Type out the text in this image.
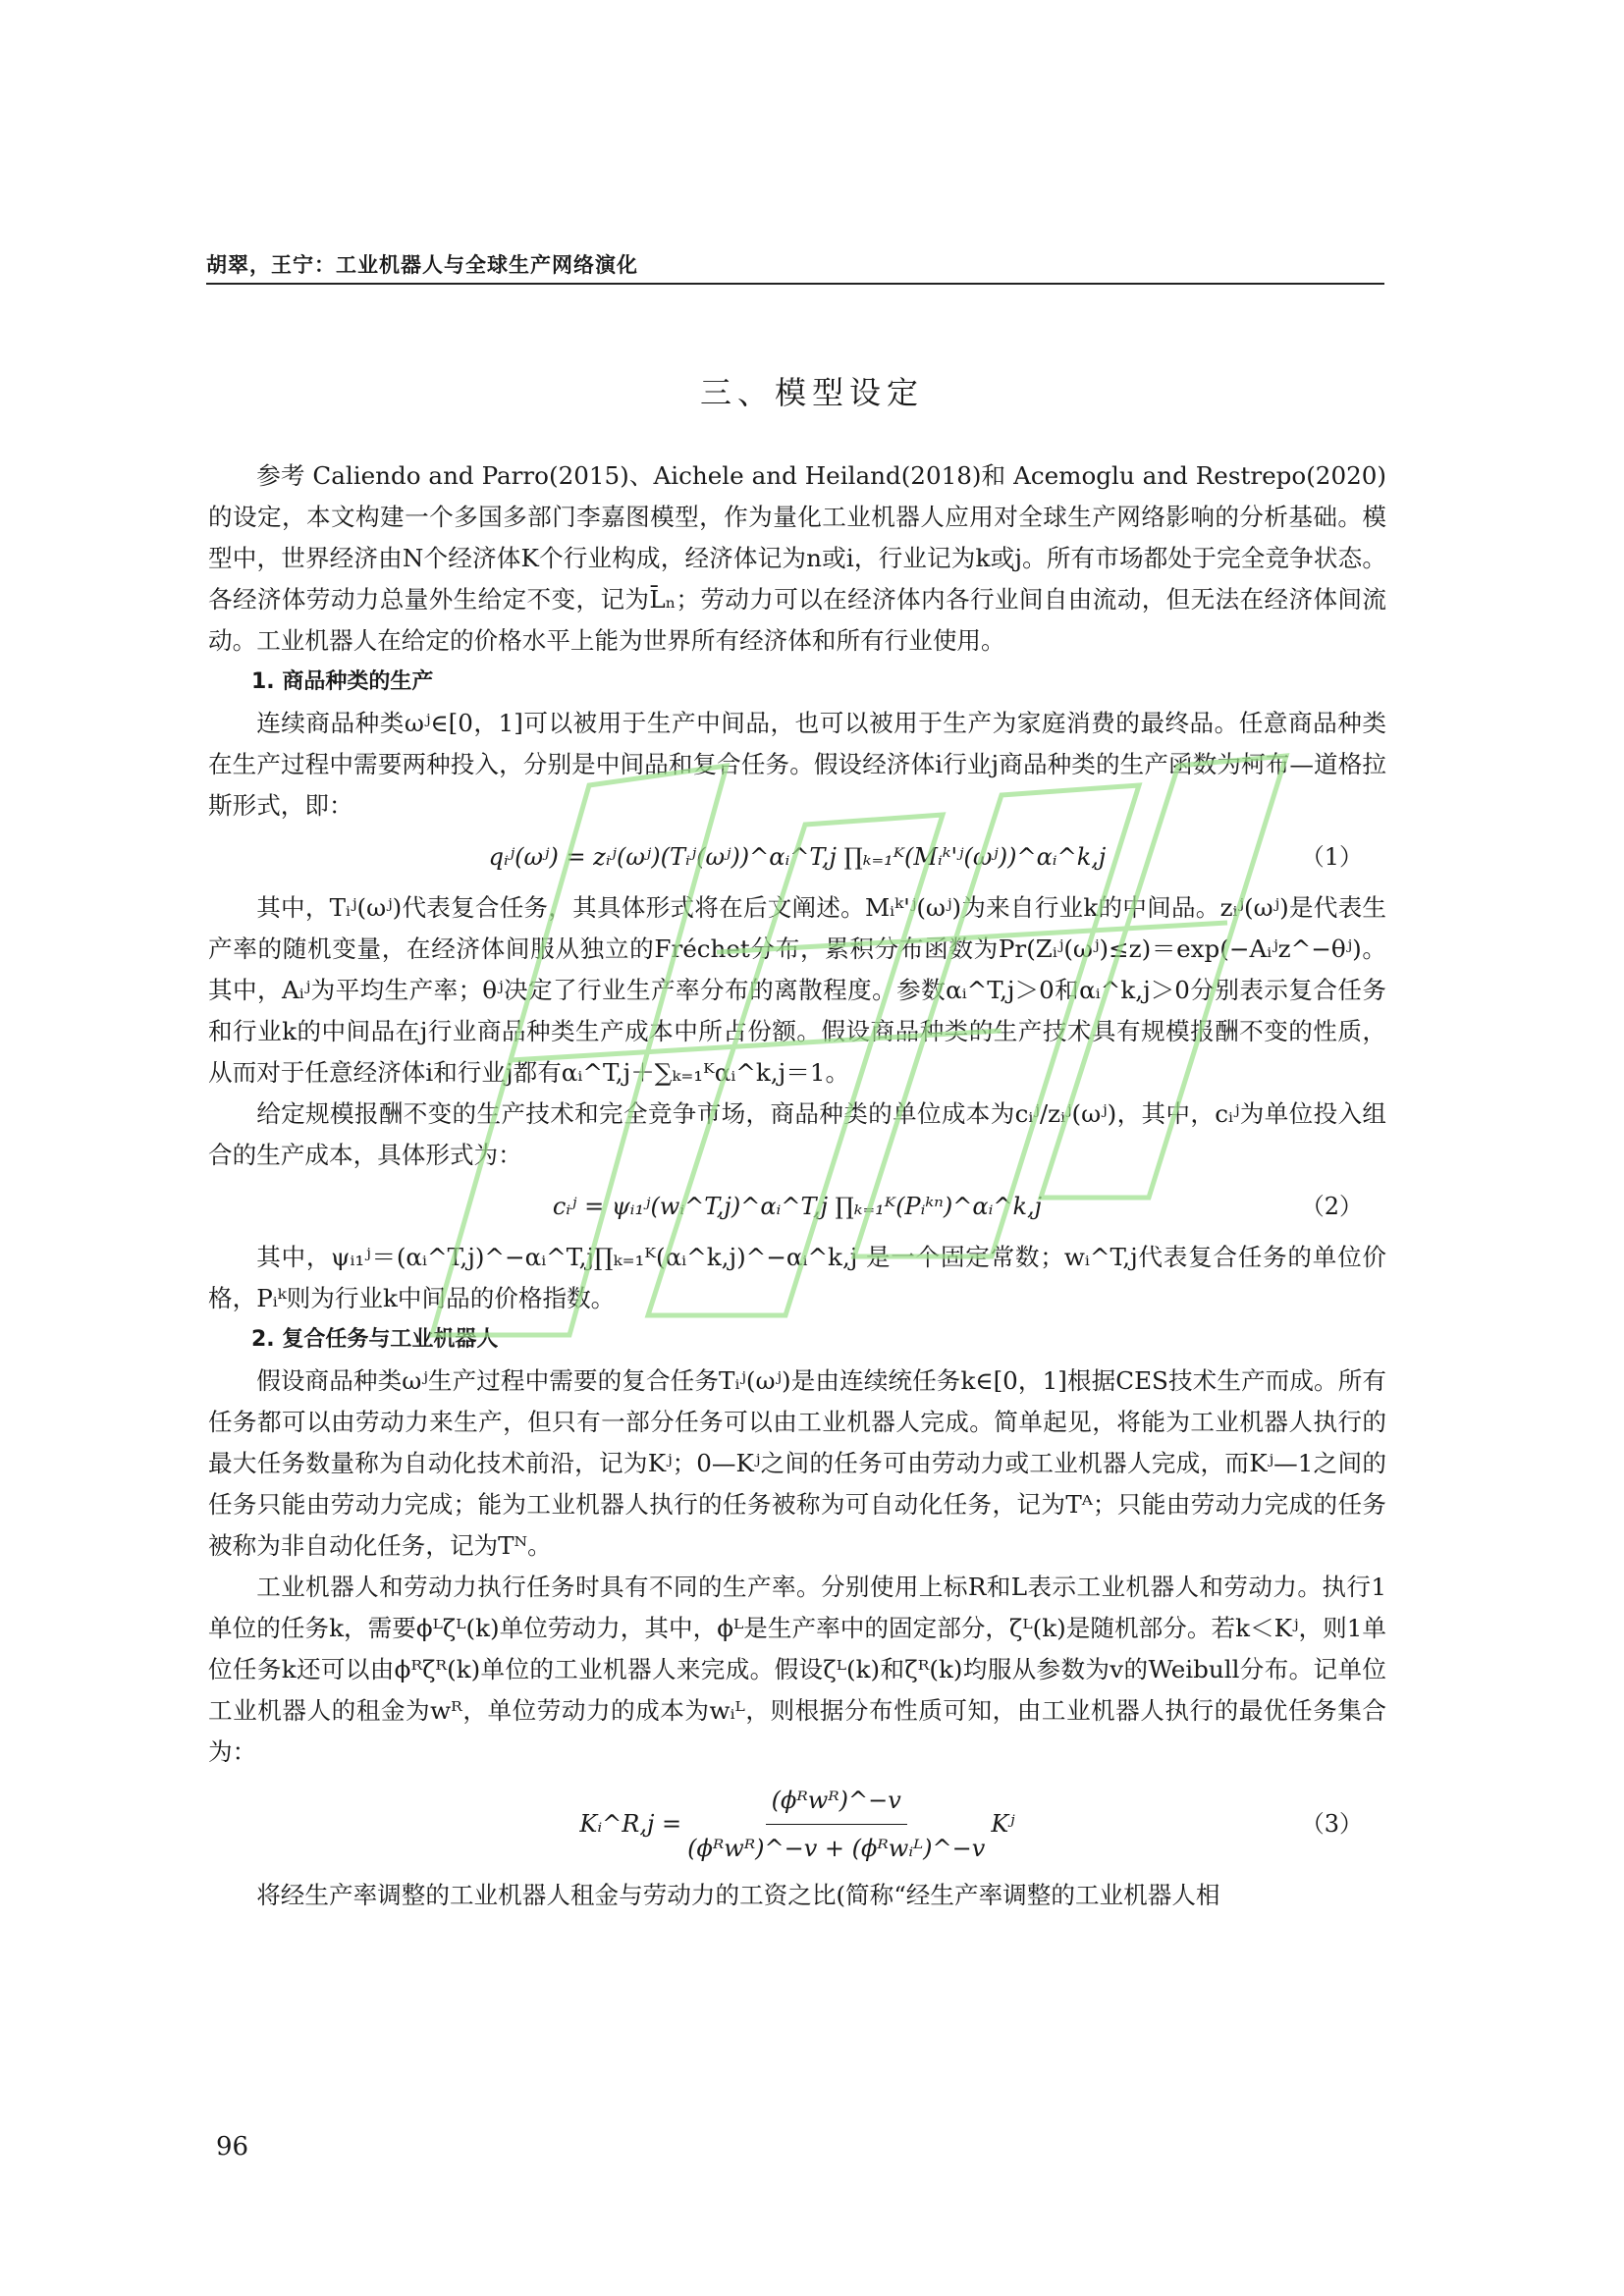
胡翠，王宁：工业机器人与全球生产网络演化
三、模型设定

参考 Caliendo and Parro(2015)、Aichele and Heiland(2018)和 Acemoglu and Restrepo(2020)的设定，本文构建一个多国多部门李嘉图模型，作为量化工业机器人应用对全球生产网络影响的分析基础。模型中，世界经济由N个经济体K个行业构成，经济体记为n或i，行业记为k或j。所有市场都处于完全竞争状态。各经济体劳动力总量外生给定不变，记为L̄ₙ；劳动力可以在经济体内各行业间自由流动，但无法在经济体间流动。工业机器人在给定的价格水平上能为世界所有经济体和所有行业使用。

1. 商品种类的生产

连续商品种类ωʲ∈[0，1]可以被用于生产中间品，也可以被用于生产为家庭消费的最终品。任意商品种类在生产过程中需要两种投入，分别是中间品和复合任务。假设经济体i行业j商品种类的生产函数为柯布—道格拉斯形式，即：

qᵢʲ(ωʲ) = zᵢʲ(ωʲ)(Tᵢʲ(ωʲ))^αᵢ^T,j ∏ₖ₌₁ᴷ(Mᵢᵏ'ʲ(ωʲ))^αᵢ^k,j	（1）

其中，Tᵢʲ(ωʲ)代表复合任务，其具体形式将在后文阐述。Mᵢᵏ'ʲ(ωʲ)为来自行业k的中间品。zᵢʲ(ωʲ)是代表生产率的随机变量，在经济体间服从独立的Fréchet分布，累积分布函数为Pr(Zᵢʲ(ωʲ)≤z)＝exp(−Aᵢʲz^−θʲ)。其中，Aᵢʲ为平均生产率；θʲ决定了行业生产率分布的离散程度。参数αᵢ^T,j＞0和αᵢ^k,j＞0分别表示复合任务和行业k的中间品在j行业商品种类生产成本中所占份额。假设商品种类的生产技术具有规模报酬不变的性质，从而对于任意经济体i和行业j都有αᵢ^T,j＋∑ₖ₌₁ᴷαᵢ^k,j＝1。

给定规模报酬不变的生产技术和完全竞争市场，商品种类的单位成本为cᵢʲ/zᵢʲ(ωʲ)，其中，cᵢʲ为单位投入组合的生产成本，具体形式为：

cᵢʲ = ψᵢ₁ʲ(wᵢ^T,j)^αᵢ^T,j ∏ₖ₌₁ᴷ(Pᵢᵏⁿ)^αᵢ^k,j	（2）

其中，ψᵢ₁ʲ＝(αᵢ^T,j)^−αᵢ^T,j∏ₖ₌₁ᴷ(αᵢ^k,j)^−αᵢ^k,j 是一个固定常数；wᵢ^T,j代表复合任务的单位价格，Pᵢᵏ则为行业k中间品的价格指数。

2. 复合任务与工业机器人

假设商品种类ωʲ生产过程中需要的复合任务Tᵢʲ(ωʲ)是由连续统任务k∈[0，1]根据CES技术生产而成。所有任务都可以由劳动力来生产，但只有一部分任务可以由工业机器人完成。简单起见，将能为工业机器人执行的最大任务数量称为自动化技术前沿，记为Kʲ；0—Kʲ之间的任务可由劳动力或工业机器人完成，而Kʲ—1之间的任务只能由劳动力完成；能为工业机器人执行的任务被称为可自动化任务，记为Tᴬ；只能由劳动力完成的任务被称为非自动化任务，记为Tᴺ。

工业机器人和劳动力执行任务时具有不同的生产率。分别使用上标R和L表示工业机器人和劳动力。执行1单位的任务k，需要ϕᴸζᴸ(k)单位劳动力，其中，ϕᴸ是生产率中的固定部分，ζᴸ(k)是随机部分。若k＜Kʲ，则1单位任务k还可以由ϕᴿζᴿ(k)单位的工业机器人来完成。假设ζᴸ(k)和ζᴿ(k)均服从参数为v的Weibull分布。记单位工业机器人的租金为wᴿ，单位劳动力的成本为wᵢᴸ，则根据分布性质可知，由工业机器人执行的最优任务集合为：

Kᵢ^R,j = $\frac{\text{(ϕᴿwᴿ)\textasciicircum{}−v}}{\text{(ϕᴿwᴿ)\textasciicircum{}−v + (ϕᴿwᵢᴸ)\textasciicircum{}−v}}$ Kʲ	（3）

将经生产率调整的工业机器人租金与劳动力的工资之比(简称“经生产率调整的工业机器人相

96
